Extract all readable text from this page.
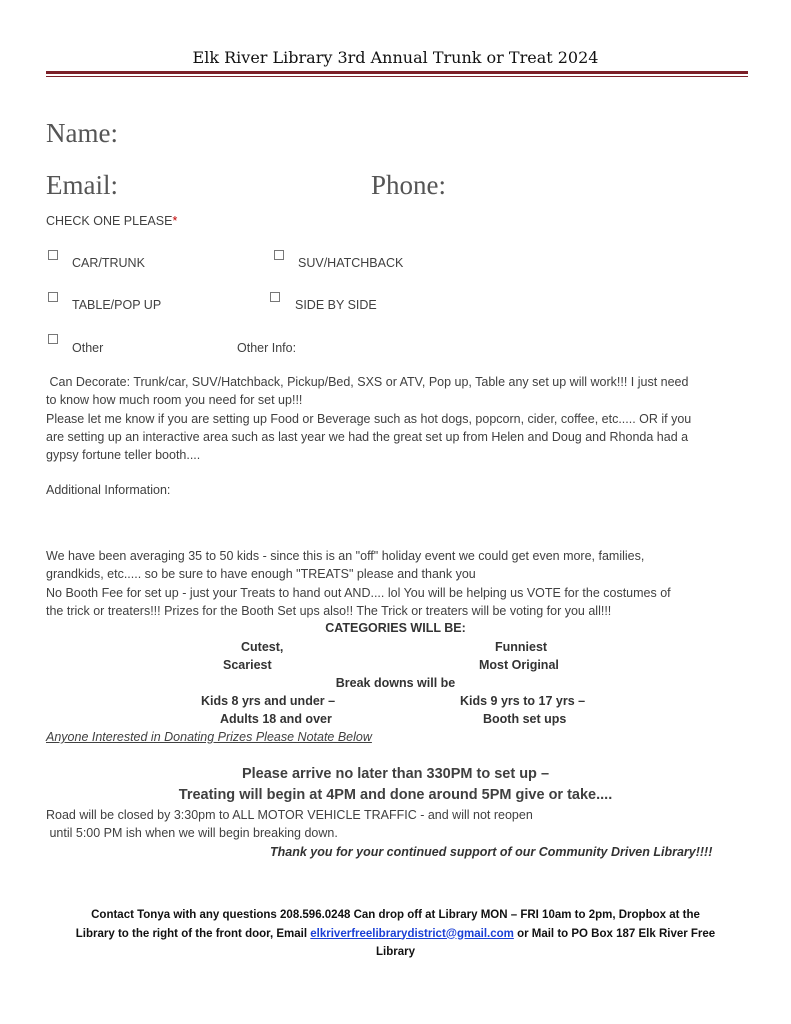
Elk River Library 3rd Annual Trunk or Treat 2024
Name:
Email:	Phone:
CHECK ONE PLEASE*
CAR/TRUNK	SUV/HATCHBACK
TABLE/POP UP	SIDE BY SIDE
Other	Other Info:
Can Decorate: Trunk/car, SUV/Hatchback, Pickup/Bed, SXS or ATV, Pop up, Table any set up will work!!! I just need
to know how much room you need for set up!!!
Please let me know if you are setting up Food or Beverage such as hot dogs, popcorn, cider, coffee, etc..... OR if you
are setting up an interactive area such as last year we had the great set up from Helen and Doug and Rhonda had a
gypsy fortune teller booth....
Additional Information:
We have been averaging 35 to 50 kids - since this is an "off" holiday event we could get even more, families,
grandkids, etc..... so be sure to have enough "TREATS" please and thank you
No Booth Fee for set up - just your Treats to hand out AND.... lol You will be helping us VOTE for the costumes of
the trick or treaters!!! Prizes for the Booth Set ups also!! The Trick or treaters will be voting for you all!!!
CATEGORIES WILL BE:
Cutest,	Funniest
Scariest	Most Original
Break downs will be
Kids 8 yrs and under –	Kids 9 yrs to 17 yrs –
Adults 18 and over	Booth set ups
Anyone Interested in Donating Prizes Please Notate Below
Please arrive no later than 330PM to set up –
Treating will begin at 4PM and done around 5PM give or take....
Road will be closed by 3:30pm to ALL MOTOR VEHICLE TRAFFIC - and will not reopen
until 5:00 PM ish when we will begin breaking down.
Thank you for your continued support of our Community Driven Library!!!!
Contact Tonya with any questions 208.596.0248 Can drop off at Library MON – FRI 10am to 2pm, Dropbox at the
Library to the right of the front door, Email elkriverfreelibrarydistrict@gmail.com or Mail to PO Box 187 Elk River Free
Library
